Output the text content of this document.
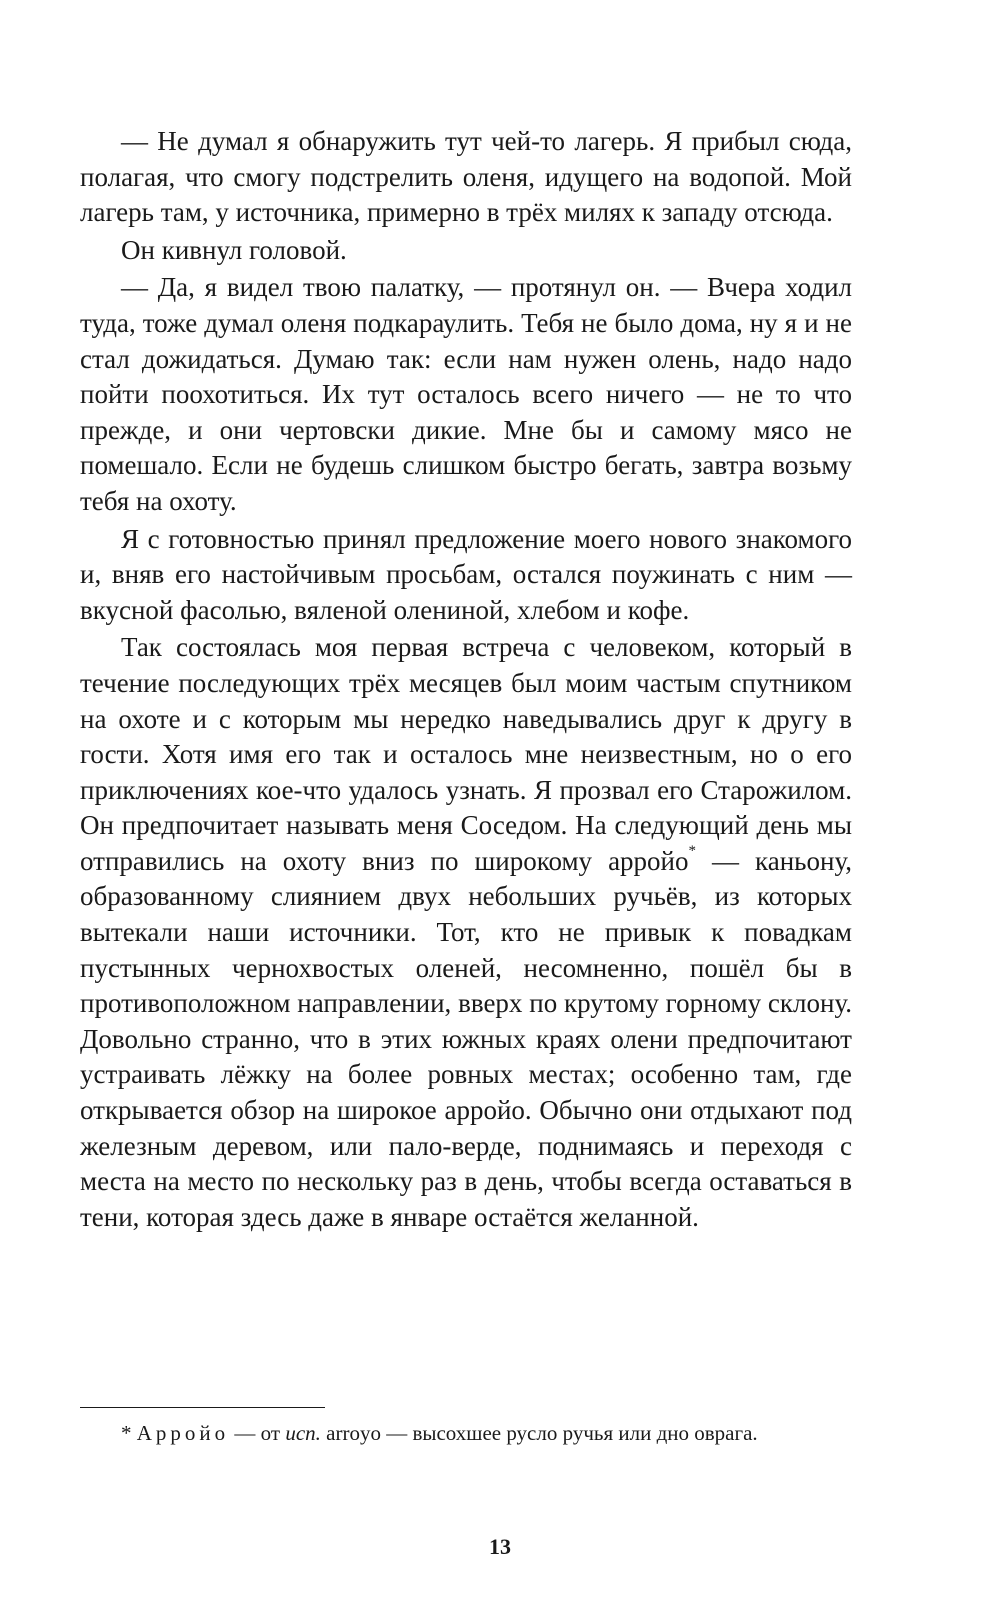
— Не думал я обнаружить тут чей-то лагерь. Я прибыл сюда, полагая, что смогу подстрелить оленя, идущего на водопой. Мой лагерь там, у источника, примерно в трёх милях к западу отсюда.

Он кивнул головой.

— Да, я видел твою палатку, — протянул он. — Вчера ходил туда, тоже думал оленя подкараулить. Тебя не было дома, ну я и не стал дожидаться. Думаю так: если нам нужен олень, надо надо пойти поохотиться. Их тут осталось всего ничего — не то что прежде, и они чертовски дикие. Мне бы и самому мясо не помешало. Если не будешь слишком быстро бегать, завтра возьму тебя на охоту.

Я с готовностью принял предложение моего нового знакомого и, вняв его настойчивым просьбам, остался поужинать с ним — вкусной фасолью, вяленой олениной, хлебом и кофе.

Так состоялась моя первая встреча с человеком, который в течение последующих трёх месяцев был моим частым спутником на охоте и с которым мы нередко наведывались друг к другу в гости. Хотя имя его так и осталось мне неизвестным, но о его приключениях кое-что удалось узнать. Я прозвал его Старожилом. Он предпочитает называть меня Соседом. На следующий день мы отправились на охоту вниз по широкому арройо* — каньону, образованному слиянием двух небольших ручьёв, из которых вытекали наши источники. Тот, кто не привык к повадкам пустынных чернохвостых оленей, несомненно, пошёл бы в противоположном направлении, вверх по крутому горному склону. Довольно странно, что в этих южных краях олени предпочитают устраивать лёжку на более ровных местах; особенно там, где открывается обзор на широкое арройо. Обычно они отдыхают под железным деревом, или пало-верде, поднимаясь и переходя с места на место по нескольку раз в день, чтобы всегда оставаться в тени, которая здесь даже в январе остаётся желанной.

* Арройо — от исп. arroyo — высохшее русло ручья или дно оврага.

13
